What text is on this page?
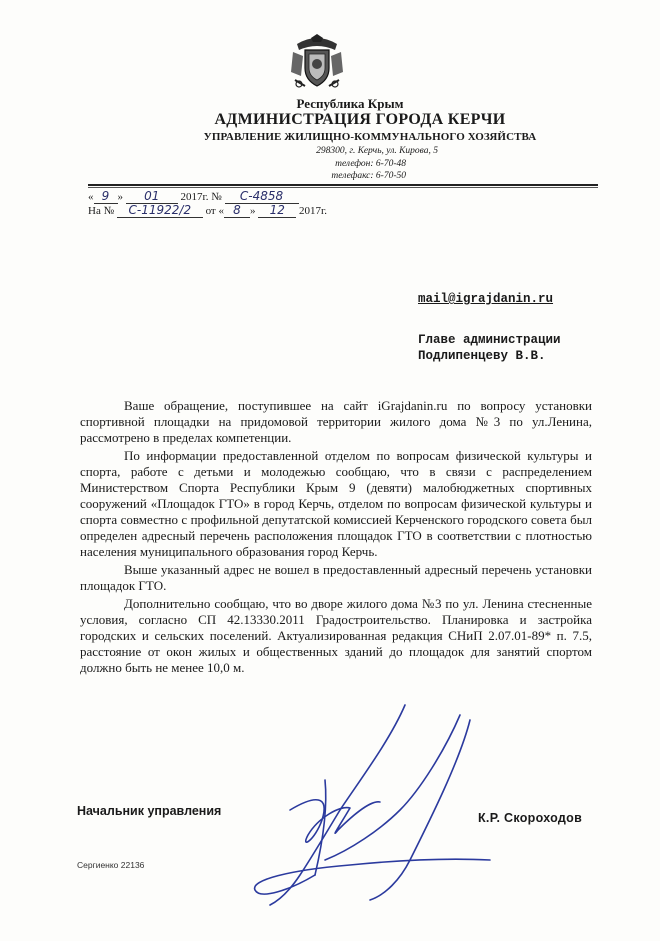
Республика Крым
АДМИНИСТРАЦИЯ ГОРОДА КЕРЧИ
УПРАВЛЕНИЕ ЖИЛИЩНО-КОММУНАЛЬНОГО ХОЗЯЙСТВА
298300, г. Керчь, ул. Кирова, 5
телефон: 6-70-48
телефакс: 6-70-50
« 9 » 01 2017г. № С-4858
На № С-11922/2 от « 8 » 12 2017г.
mail@igrajdanin.ru
Главе администрации
Подлипенцеву В.В.

Ваше обращение, поступившее на сайт iGrajdanin.ru по вопросу установки спортивной площадки на придомовой территории жилого дома №3 по ул.Ленина, рассмотрено в пределах компетенции.

По информации предоставленной отделом по вопросам физической культуры и спорта, работе с детьми и молодежью сообщаю, что в связи с распределением Министерством Спорта Республики Крым 9 (девяти) малобюджетных спортивных сооружений «Площадок ГТО» в город Керчь, отделом по вопросам физической культуры и спорта совместно с профильной депутатской комиссией Керченского городского совета был определен адресный перечень расположения площадок ГТО в соответствии с плотностью населения муниципального образования город Керчь.

Выше указанный адрес не вошел в предоставленный адресный перечень установки площадок ГТО.

Дополнительно сообщаю, что во дворе жилого дома №3 по ул. Ленина стесненные условия, согласно СП 42.13330.2011 Градостроительство. Планировка и застройка городских и сельских поселений. Актуализированная редакция СНиП 2.07.01-89* п. 7.5, расстояние от окон жилых и общественных зданий до площадок для занятий спортом должно быть не менее 10,0 м.

Начальник управления	К.Р. Скороходов
Сергиенко 22136
